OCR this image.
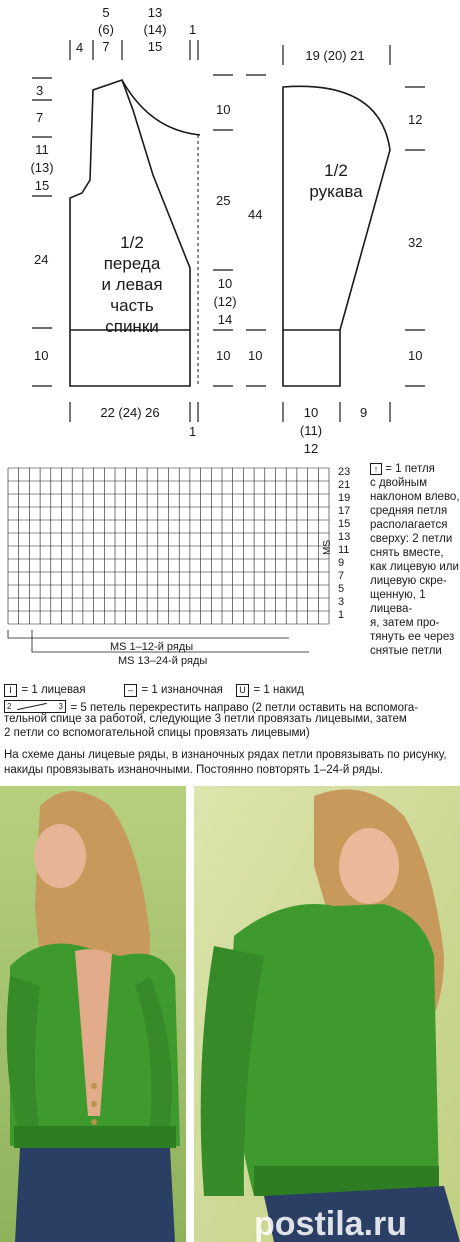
4
5
(6)
7
13
(14)
15
1
19 (20) 21
3
7
11
(13)
15
24
10
10
25
10
(12)
14
10
44
10
12
32
10
22 (24) 26
1
10
(11)
12
9
1/2
переда
и левая
часть
спинки
1/2
рукава
23
21
19
17
15
13
11
9
7
5
3
1
MS
MS 1–12-й ряды
MS 13–24-й ряды
↑ = 1 петля
с двойным
наклоном влево,
средняя петля
располагается
сверху: 2 петли
снять вместе,
как лицевую или
лицевую скре-
щенную, 1 лицева-
я, затем про-
тянуть ее через
снятые петли
I = 1 лицевая	– = 1 изнаночная	U = 1 накид
2	3 = 5 петель перекрестить направо (2 петли оставить на вспомога-
тельной спице за работой, следующие 3 петли провязать лицевыми, затем
2 петли со вспомогательной спицы провязать лицевыми)
На схеме даны лицевые ряды, в изнаночных рядах петли провязывать по рисунку,
накиды провязывать изнаночными. Постоянно повторять 1–24-й ряды.
postila.ru
